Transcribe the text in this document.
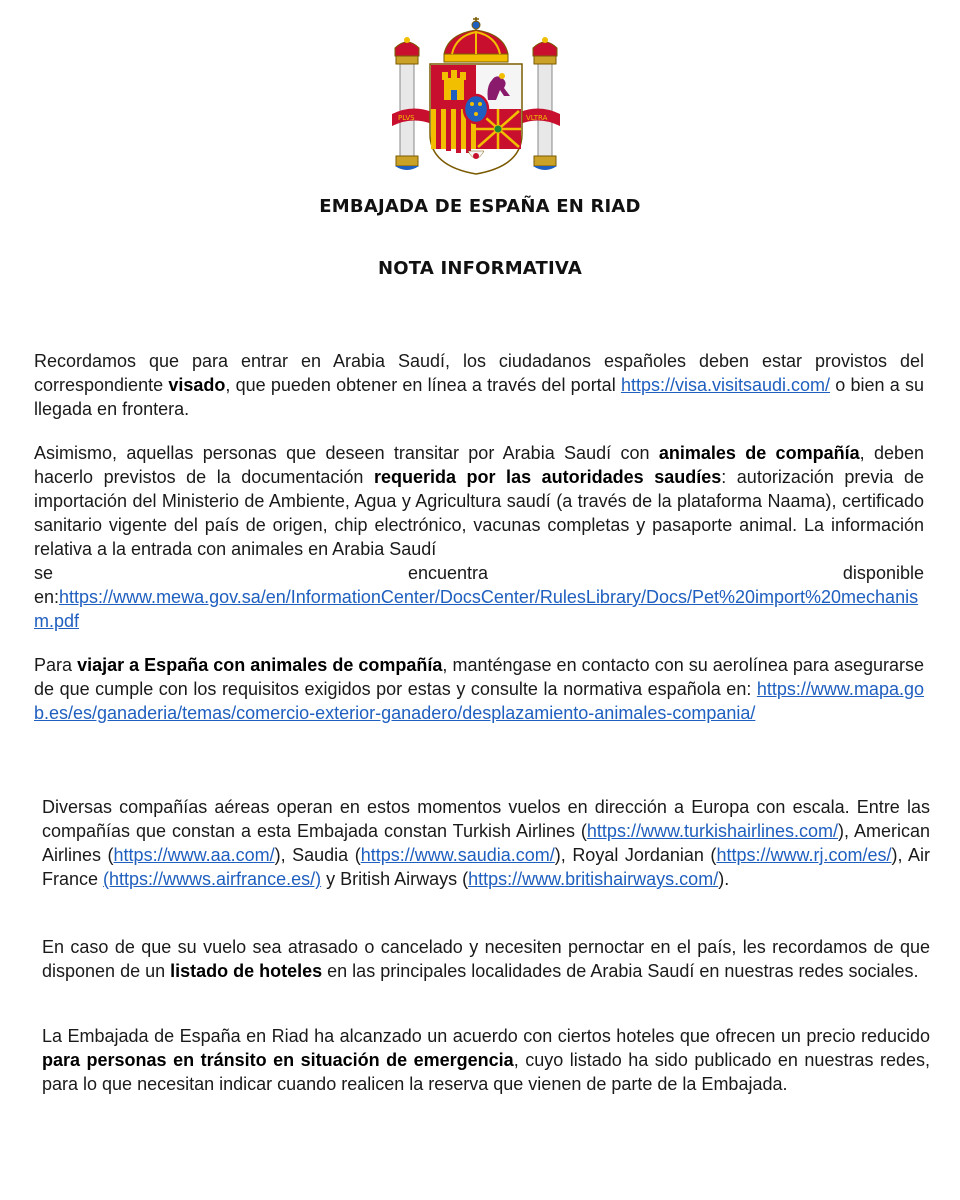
PLVS	VLTRA
EMBAJADA DE ESPAÑA EN RIAD
NOTA INFORMATIVA
Recordamos que para entrar en Arabia Saudí, los ciudadanos españoles deben estar provistos del correspondiente visado, que pueden obtener en línea a través del portal https://visa.visitsaudi.com/ o bien a su llegada en frontera.
Asimismo, aquellas personas que deseen transitar por Arabia Saudí con animales de compañía, deben hacerlo previstos de la documentación requerida por las autoridades saudíes: autorización previa de importación del Ministerio de Ambiente, Agua y Agricultura saudí (a través de la plataforma Naama), certificado sanitario vigente del país de origen, chip electrónico, vacunas completas y pasaporte animal. La información relativa a la entrada con animales en Arabia Saudí
se	encuentra	disponible
en:https://www.mewa.gov.sa/en/InformationCenter/DocsCenter/RulesLibrary/Docs/Pet%20import%20mechanism.pdf
Para viajar a España con animales de compañía, manténgase en contacto con su aerolínea para asegurarse de que cumple con los requisitos exigidos por estas y consulte la normativa española en: https://www.mapa.gob.es/es/ganaderia/temas/comercio-exterior-ganadero/desplazamiento-animales-compania/
Diversas compañías aéreas operan en estos momentos vuelos en dirección a Europa con escala. Entre las compañías que constan a esta Embajada constan Turkish Airlines (https://www.turkishairlines.com/), American Airlines (https://www.aa.com/), Saudia (https://www.saudia.com/), Royal Jordanian (https://www.rj.com/es/), Air France (https://wwws.airfrance.es/) y British Airways (https://www.britishairways.com/).
En caso de que su vuelo sea atrasado o cancelado y necesiten pernoctar en el país, les recordamos de que disponen de un listado de hoteles en las principales localidades de Arabia Saudí en nuestras redes sociales.
La Embajada de España en Riad ha alcanzado un acuerdo con ciertos hoteles que ofrecen un precio reducido para personas en tránsito en situación de emergencia, cuyo listado ha sido publicado en nuestras redes, para lo que necesitan indicar cuando realicen la reserva que vienen de parte de la Embajada.
